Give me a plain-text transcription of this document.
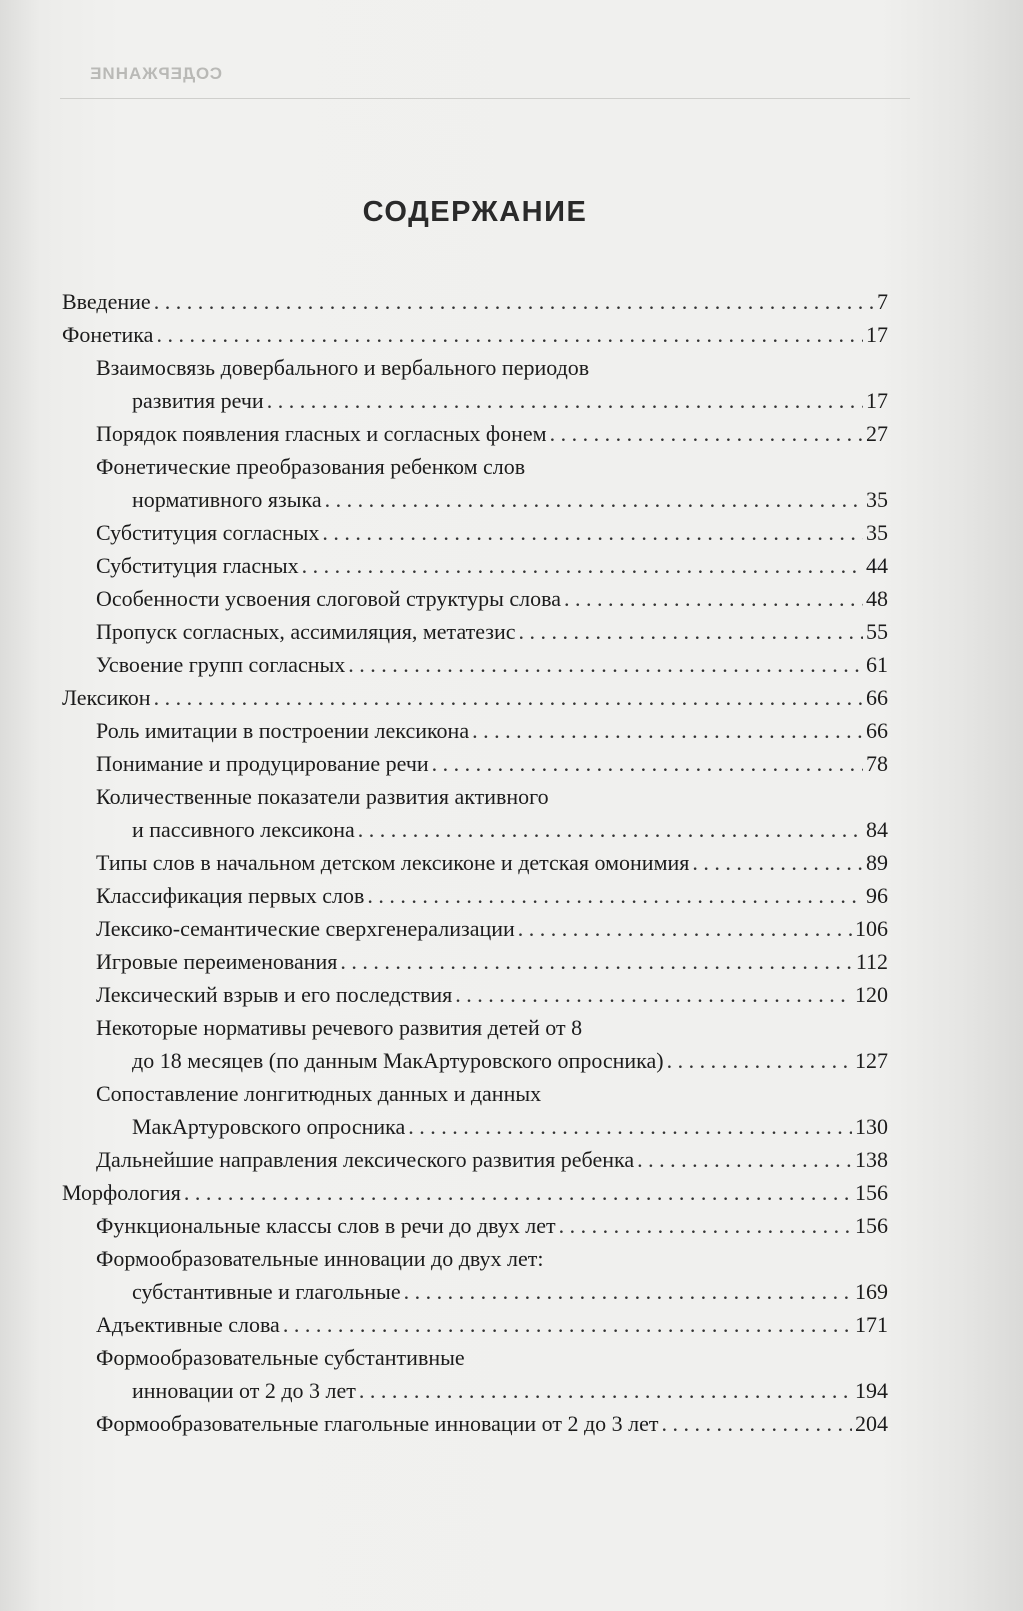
СОДЕРЖАНИЕ
СОДЕРЖАНИЕ
Введение . . .	7
Фонетика . . .	17
Взаимосвязь довербального и вербального периодов
развития речи . . .	17
Порядок появления гласных и согласных фонем . . .	27
Фонетические преобразования ребенком слов
нормативного языка . . .	35
Субституция согласных . . .	35
Субституция гласных . . .	44
Особенности усвоения слоговой структуры слова . . .	48
Пропуск согласных, ассимиляция, метатезис . . .	55
Усвоение групп согласных . . .	61
Лексикон . . .	66
Роль имитации в построении лексикона . . .	66
Понимание и продуцирование речи . . .	78
Количественные показатели развития активного
и пассивного лексикона . . .	84
Типы слов в начальном детском лексиконе и детская омонимия . . .	89
Классификация первых слов . . .	96
Лексико-семантические сверхгенерализации . . .	106
Игровые переименования . . .	112
Лексический взрыв и его последствия . . .	120
Некоторые нормативы речевого развития детей от 8
до 18 месяцев (по данным МакАртуровского опросника) . . .	127
Сопоставление лонгитюдных данных и данных
МакАртуровского опросника . . .	130
Дальнейшие направления лексического развития ребенка . . .	138
Морфология . . .	156
Функциональные классы слов в речи до двух лет . . .	156
Формообразовательные инновации до двух лет:
субстантивные и глагольные . . .	169
Адъективные слова . . .	171
Формообразовательные субстантивные
инновации от 2 до 3 лет . . .	194
Формообразовательные глагольные инновации от 2 до 3 лет . . .	204
